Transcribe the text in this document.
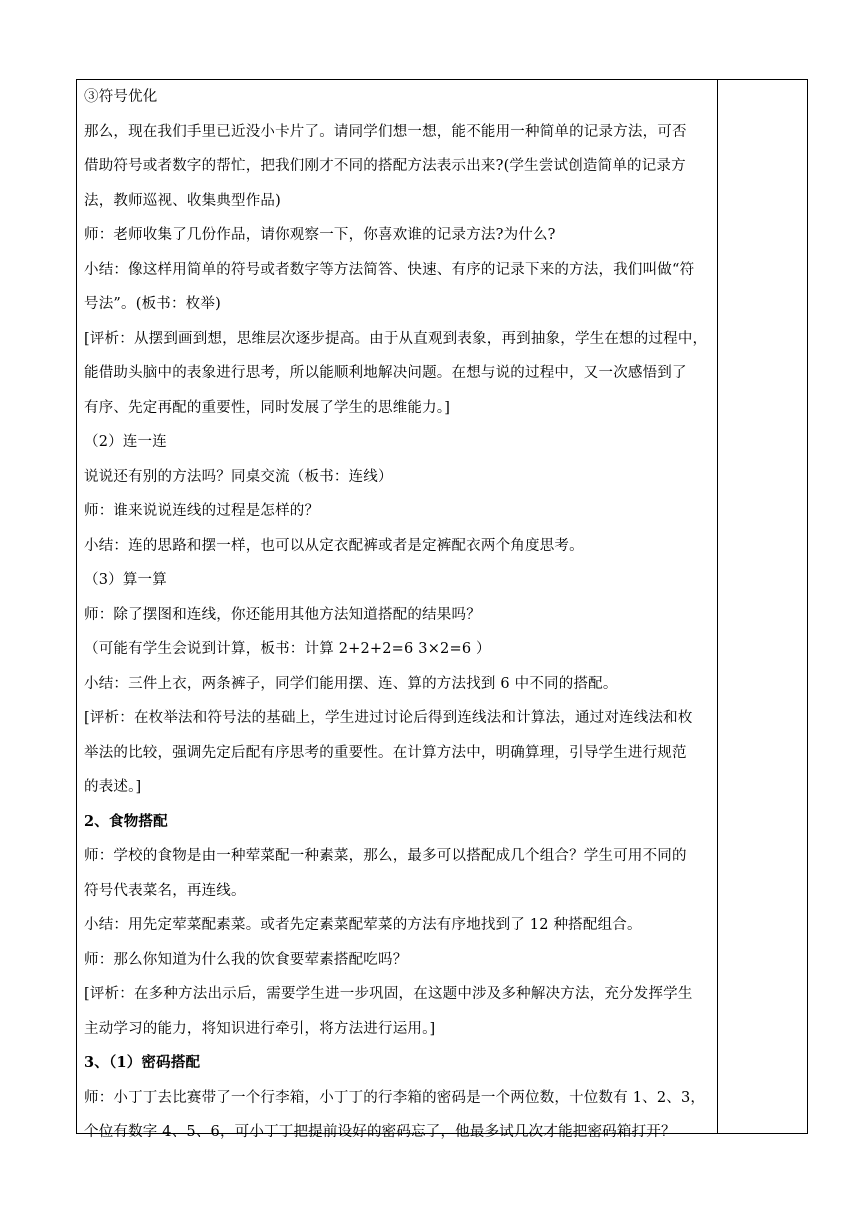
③符号优化
那么，现在我们手里已近没小卡片了。请同学们想一想，能不能用一种简单的记录方法，可否
借助符号或者数字的帮忙，把我们刚才不同的搭配方法表示出来?(学生尝试创造简单的记录方
法，教师巡视、收集典型作品)
师：老师收集了几份作品，请你观察一下，你喜欢谁的记录方法?为什么?
小结：像这样用简单的符号或者数字等方法简答、快速、有序的记录下来的方法，我们叫做“符
号法”。(板书：枚举)
[评析：从摆到画到想，思维层次逐步提高。由于从直观到表象，再到抽象，学生在想的过程中，
能借助头脑中的表象进行思考，所以能顺利地解决问题。在想与说的过程中，又一次感悟到了
有序、先定再配的重要性，同时发展了学生的思维能力。]
（2）连一连
说说还有别的方法吗？同桌交流（板书：连线）
师：谁来说说连线的过程是怎样的？
小结：连的思路和摆一样，也可以从定衣配裤或者是定裤配衣两个角度思考。
（3）算一算
师：除了摆图和连线，你还能用其他方法知道搭配的结果吗？
（可能有学生会说到计算，板书：计算 2+2+2=6 3×2=6 ）
小结：三件上衣，两条裤子，同学们能用摆、连、算的方法找到 6 中不同的搭配。
[评析：在枚举法和符号法的基础上，学生进过讨论后得到连线法和计算法，通过对连线法和枚
举法的比较，强调先定后配有序思考的重要性。在计算方法中，明确算理，引导学生进行规范
的表述。]
2、食物搭配
师：学校的食物是由一种荤菜配一种素菜，那么，最多可以搭配成几个组合？学生可用不同的
符号代表菜名，再连线。
小结：用先定荤菜配素菜。或者先定素菜配荤菜的方法有序地找到了 12 种搭配组合。
师：那么你知道为什么我的饮食要荤素搭配吃吗？
[评析：在多种方法出示后，需要学生进一步巩固，在这题中涉及多种解决方法，充分发挥学生
主动学习的能力，将知识进行牵引，将方法进行运用。]
3、（1）密码搭配
师：小丁丁去比赛带了一个行李箱，小丁丁的行李箱的密码是一个两位数，十位数有 1、2、3，
个位有数字 4、5、6，可小丁丁把提前设好的密码忘了，他最多试几次才能把密码箱打开？
